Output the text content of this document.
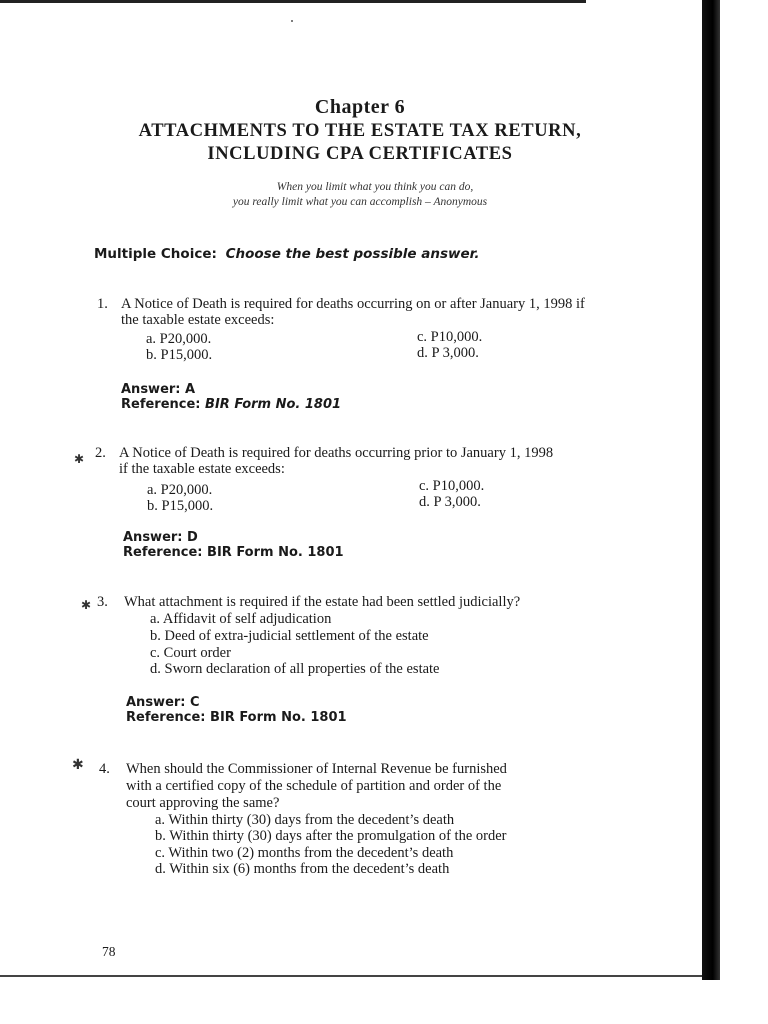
Chapter 6
ATTACHMENTS TO THE ESTATE TAX RETURN,
INCLUDING CPA CERTIFICATES
When you limit what you think you can do,
you really limit what you can accomplish – Anonymous
Multiple Choice: Choose the best possible answer.
1. A Notice of Death is required for deaths occurring on or after January 1, 1998 if the taxable estate exceeds:
a. P20,000.	c. P10,000.
b. P15,000.	d. P 3,000.
Answer: A
Reference: BIR Form No. 1801
✱ 2. A Notice of Death is required for deaths occurring prior to January 1, 1998 if the taxable estate exceeds:
a. P20,000.	c. P10,000.
b. P15,000.	d. P 3,000.
Answer: D
Reference: BIR Form No. 1801
✱ 3. What attachment is required if the estate had been settled judicially?
a. Affidavit of self adjudication
b. Deed of extra-judicial settlement of the estate
c. Court order
d. Sworn declaration of all properties of the estate
Answer: C
Reference: BIR Form No. 1801
✱ 4. When should the Commissioner of Internal Revenue be furnished
with a certified copy of the schedule of partition and order of the
court approving the same?
a. Within thirty (30) days from the decedent’s death
b. Within thirty (30) days after the promulgation of the order
c. Within two (2) months from the decedent’s death
d. Within six (6) months from the decedent’s death
78
